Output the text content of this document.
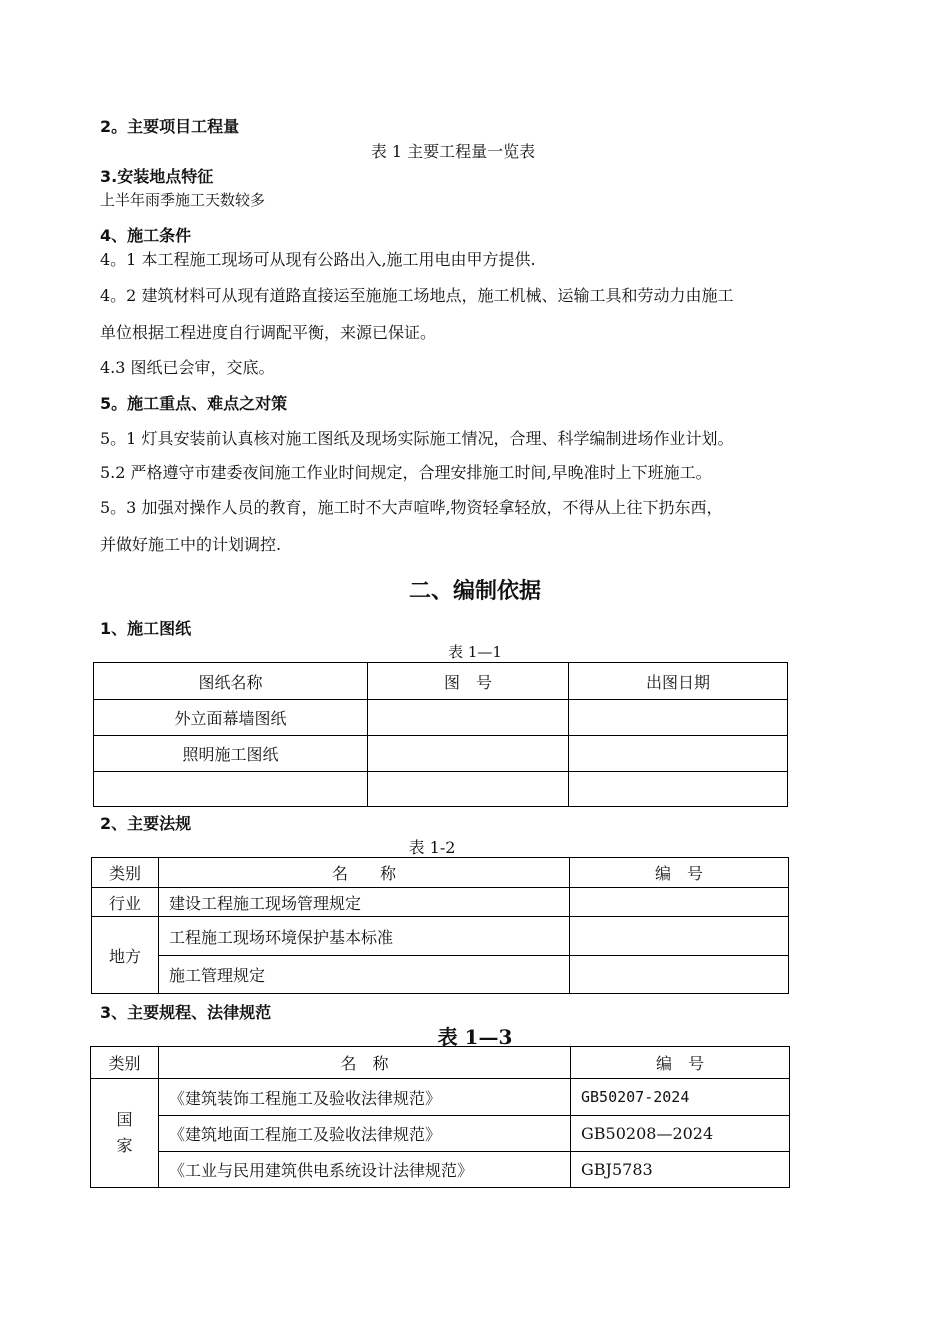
2。主要项目工程量
表 1 主要工程量一览表
3.安装地点特征
上半年雨季施工天数较多
4、施工条件
4。1 本工程施工现场可从现有公路出入,施工用电由甲方提供.
4。2 建筑材料可从现有道路直接运至施施工场地点，施工机械、运输工具和劳动力由施工
单位根据工程进度自行调配平衡，来源已保证。
4.3 图纸已会审，交底。
5。施工重点、难点之对策
5。1 灯具安装前认真核对施工图纸及现场实际施工情况，合理、科学编制进场作业计划。
5.2 严格遵守市建委夜间施工作业时间规定，合理安排施工时间,早晚准时上下班施工。
5。3 加强对操作人员的教育，施工时不大声喧哗,物资轻拿轻放，不得从上往下扔东西，
并做好施工中的计划调控.
二、编制依据
1、施工图纸
表 1—1
图纸名称	图　号	出图日期
外立面幕墙图纸		
照明施工图纸		

2、主要法规
表 1-2
类别	名　　称	编　号
行业	建设工程施工现场管理规定	
地方	工程施工现场环境保护基本标准	
	施工管理规定	
3、主要规程、法律规范
表 1—3
类别	名　称	编　号
国
家	《建筑装饰工程施工及验收法律规范》	GB50207-2024
	《建筑地面工程施工及验收法律规范》	GB50208—2024
	《工业与民用建筑供电系统设计法律规范》	GBJ5783
